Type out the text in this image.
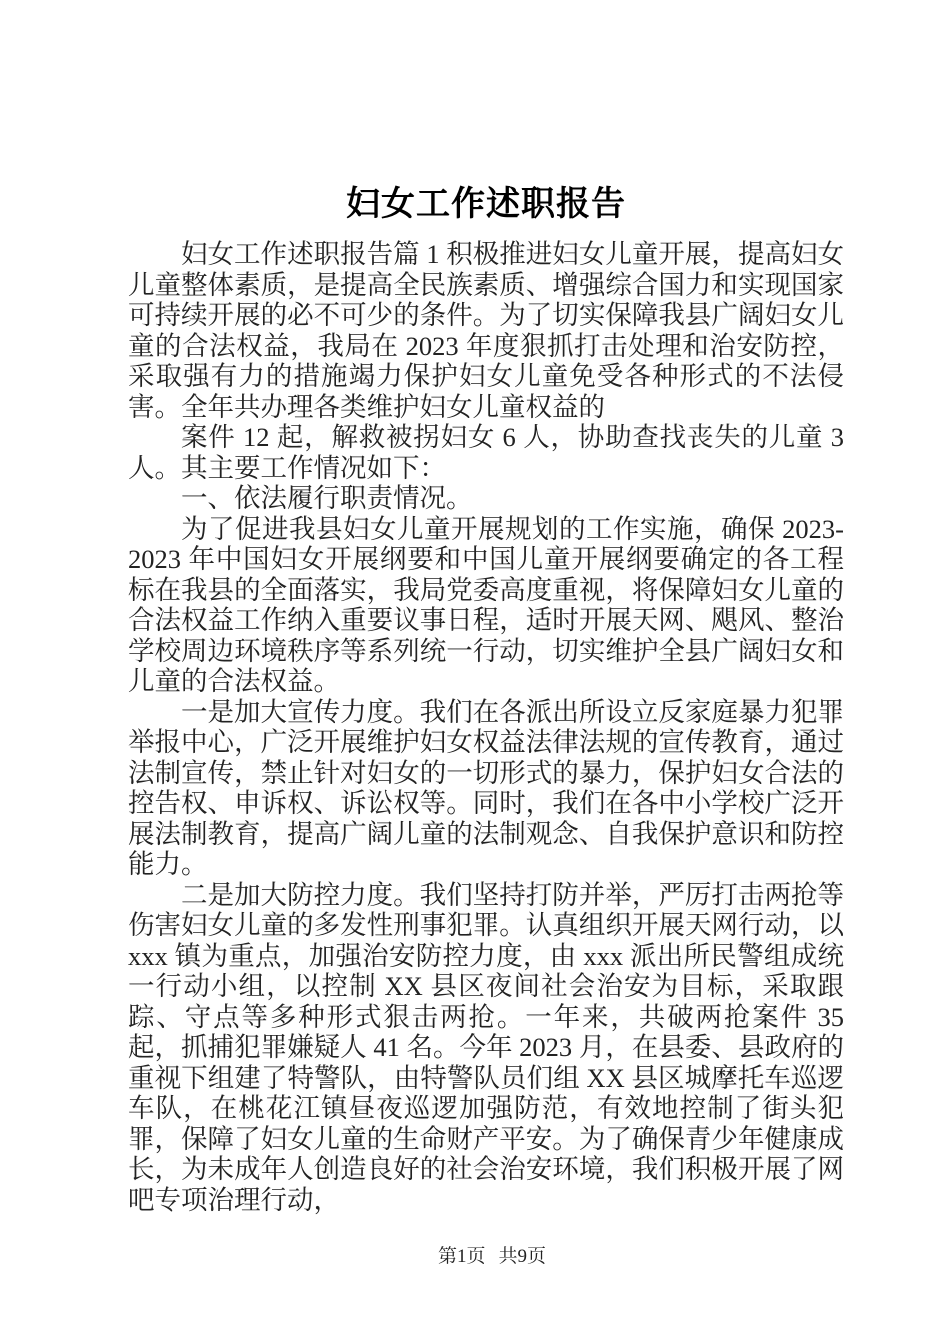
妇女工作述职报告

妇女工作述职报告篇 1 积极推进妇女儿童开展，提高妇女儿童整体素质，是提高全民族素质、增强综合国力和实现国家可持续开展的必不可少的条件。为了切实保障我县广阔妇女儿童的合法权益，我局在 2023 年度狠抓打击处理和治安防控，采取强有力的措施竭力保护妇女儿童免受各种形式的不法侵害。全年共办理各类维护妇女儿童权益的

案件 12 起，解救被拐妇女 6 人，协助查找丧失的儿童 3 人。其主要工作情况如下：

一、依法履行职责情况。

为了促进我县妇女儿童开展规划的工作实施，确保 2023-2023 年中国妇女开展纲要和中国儿童开展纲要确定的各工程标在我县的全面落实，我局党委高度重视，将保障妇女儿童的合法权益工作纳入重要议事日程，适时开展天网、飓风、整治学校周边环境秩序等系列统一行动，切实维护全县广阔妇女和儿童的合法权益。

一是加大宣传力度。我们在各派出所设立反家庭暴力犯罪举报中心，广泛开展维护妇女权益法律法规的宣传教育，通过法制宣传，禁止针对妇女的一切形式的暴力，保护妇女合法的控告权、申诉权、诉讼权等。同时，我们在各中小学校广泛开展法制教育，提高广阔儿童的法制观念、自我保护意识和防控能力。

二是加大防控力度。我们坚持打防并举，严厉打击两抢等伤害妇女儿童的多发性刑事犯罪。认真组织开展天网行动，以 xxx 镇为重点，加强治安防控力度，由 xxx 派出所民警组成统一行动小组，以控制 XX 县区夜间社会治安为目标，采取跟踪、守点等多种形式狠击两抢。一年来，共破两抢案件 35 起，抓捕犯罪嫌疑人 41 名。今年 2023 月，在县委、县政府的重视下组建了特警队，由特警队员们组 XX 县区城摩托车巡逻车队，在桃花江镇昼夜巡逻加强防范，有效地控制了街头犯罪，保障了妇女儿童的生命财产平安。为了确保青少年健康成长，为未成年人创造良好的社会治安环境，我们积极开展了网吧专项治理行动，

第1页 共9页
